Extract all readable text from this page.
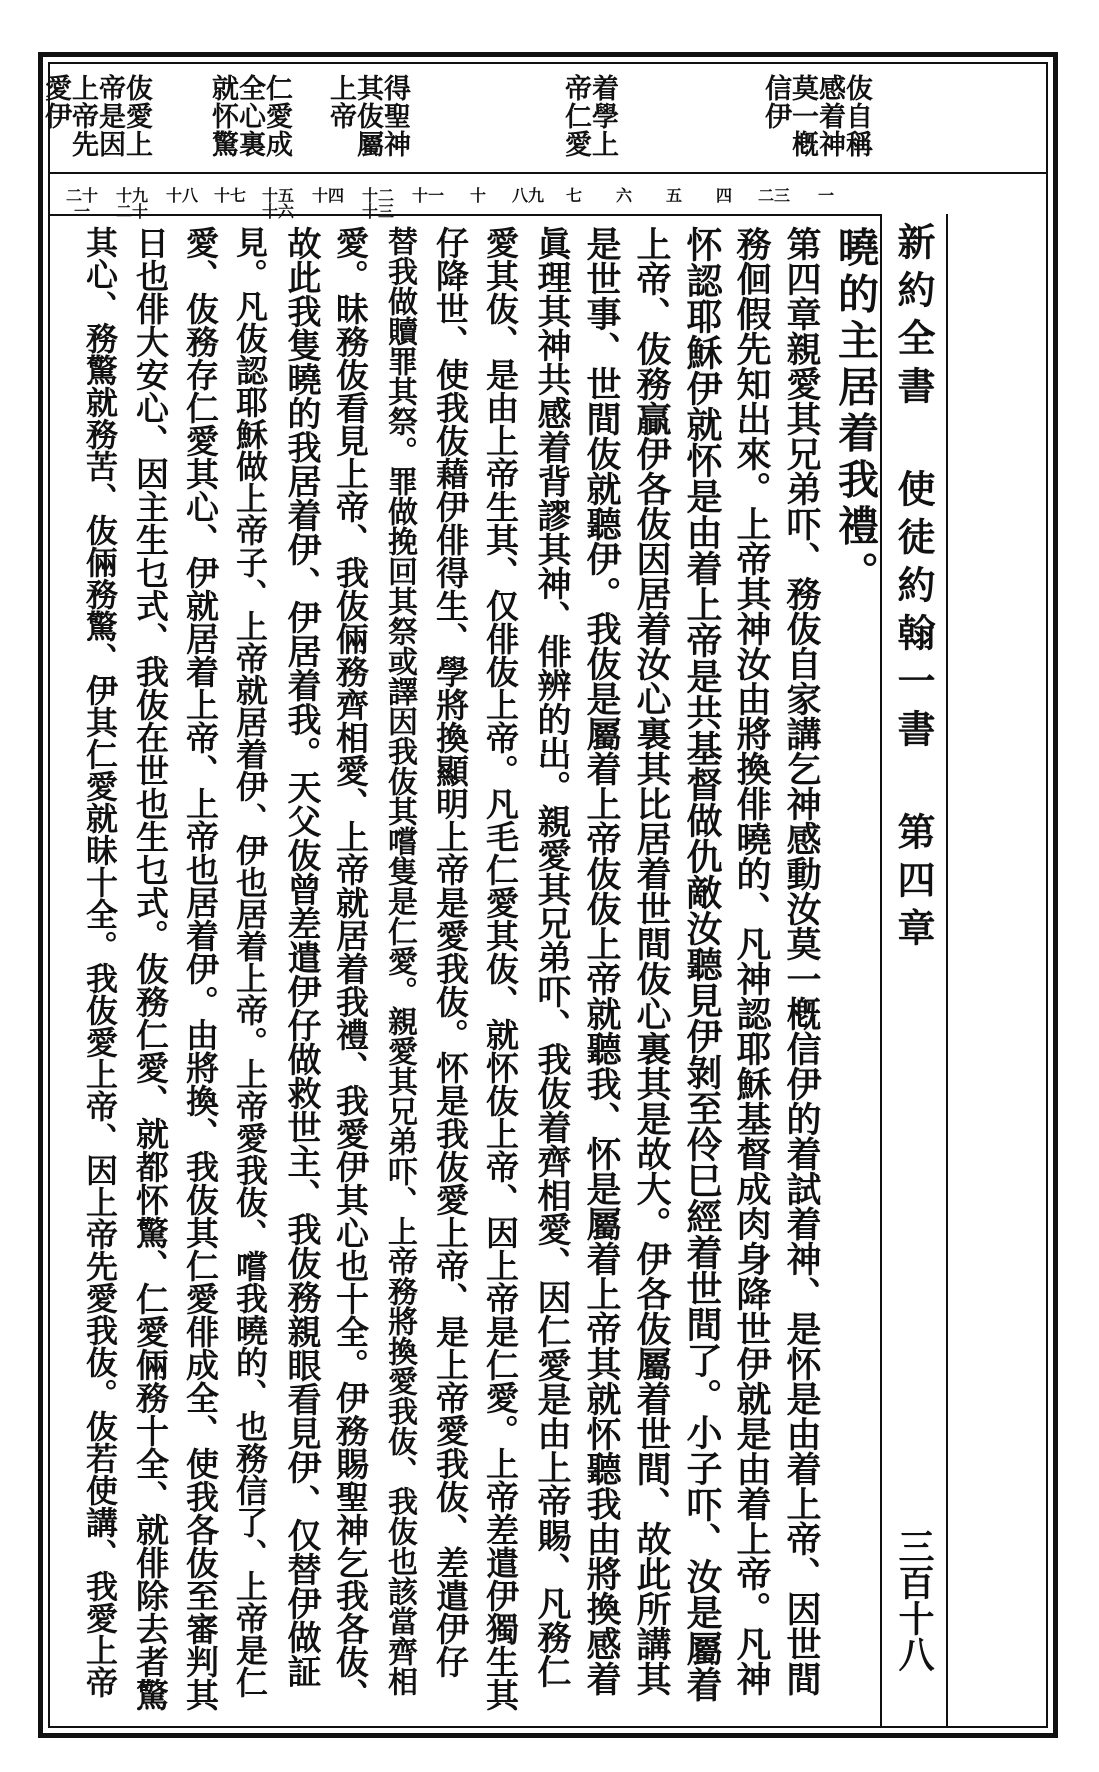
新約全書 使徒約翰一書 第四章
三百十八
伖自稱感着神莫一槪信伊
着學上帝仁愛
得聖神其伖屬上帝
仁愛成全心裏就怀驚
伖愛上帝是因上帝先愛伊
一
二三
四
五
六
七
八九
十
十一
十二十三
十四
十五十六
十七
十八
十九二十
二十一
曉的主居着我禮。
第四章親愛其兄弟吓、務伖自家講乞神感動汝莫一槪信伊的着試着神、是怀是由着上帝、因世間
務佪假先知出來。上帝其神汝由將換俳曉的、凡神認耶穌基督成肉身降世伊就是由着上帝。凡神
怀認耶穌伊就怀是由着上帝是共基督做仇敵汝聽見伊剝至伶巳經着世間了。小子吓、汝是屬着
上帝、伖務贏伊各伖因居着汝心裏其比居着世間伖心裏其是故大。伊各伖屬着世間、故此所講其
是世事、世間伖就聽伊。我伖是屬着上帝伖伖上帝就聽我、怀是屬着上帝其就怀聽我由將換感着
眞理其神共感着背謬其神、俳辨的出。親愛其兄弟吓、我伖着齊相愛、因仁愛是由上帝賜、凡務仁
愛其伖、是由上帝生其、仅俳伖上帝。凡毛仁愛其伖、就怀伖上帝、因上帝是仁愛。上帝差遣伊獨生其
仔降世、使我伖藉伊俳得生、學將換顯明上帝是愛我伖。怀是我伖愛上帝、是上帝愛我伖、差遣伊仔
替我做贖罪其祭。罪做挽回其祭或譯因我伖其嚐隻是仁愛。親愛其兄弟吓、上帝務將換愛我伖、我伖也該當齊相
愛。昧務伖看見上帝、我伖倆務齊相愛、上帝就居着我禮、我愛伊其心也十全。伊務賜聖神乞我各伖、
故此我隻曉的我居着伊、伊居着我。天父伖曾差遣伊仔做救世主、我伖務親眼看見伊、仅替伊做証
見。凡伖認耶穌做上帝子、上帝就居着伊、伊也居着上帝。上帝愛我伖、嚐我曉的、也務信了、上帝是仁
愛、伖務存仁愛其心、伊就居着上帝、上帝也居着伊。由將換、我伖其仁愛俳成全、使我各伖至審判其
日也俳大安心、因主生乜式、我伖在世也生乜式。伖務仁愛、就都怀驚、仁愛倆務十全、就俳除去者驚
其心、務驚就務苦、伖倆務驚、伊其仁愛就昧十全。我伖愛上帝、因上帝先愛我伖。伖若使講、我愛上帝
